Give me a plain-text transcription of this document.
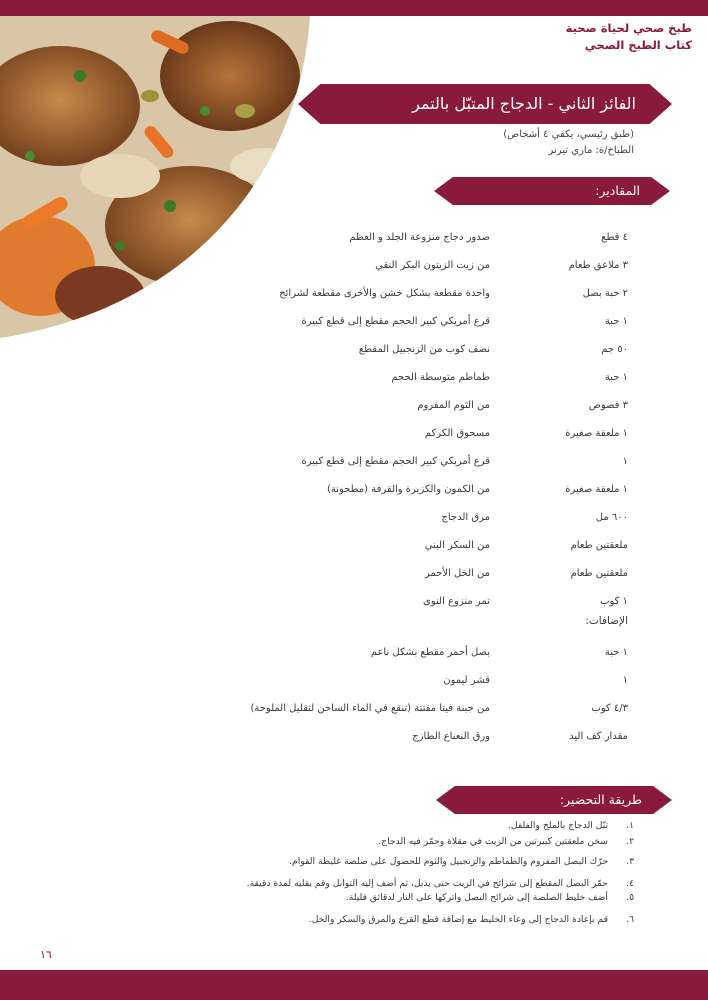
طبخ صحي لحياة صحية
كتاب الطبخ الصحي
الفائز الثاني - الدجاج المتبّل بالتمر
(طبق رئيسي، يكفي ٤ أشخاص)
الطباخ/ة: ماري تيرنر
المقادير:
٤ قطع
صدور دجاج منزوعة الجلد و العظم
٣ ملاعق طعام
من زيت الزيتون البكر النقي
٢ حبة بصل
واحدة مقطعة بشكل خشن والأخرى مقطعة لشرائح
١ حبة
قرع أمريكي كبير الحجم مقطع إلى قطع كبيرة
٥٠ جم
نصف كوب من الزنجبيل المقطع
١ حبة
طماطم متوسطة الحجم
٣ فصوص
من الثوم المفروم
١ ملعقة صغيرة
مسحوق الكركم
١
قرع أمريكي كبير الحجم مقطع إلى قطع كبيرة
١ ملعقة صغيرة
من الكمون والكزبرة والقرفة (مطحونة)
٦٠٠ مل
مرق الدجاج
ملعقتين طعام
من السكر البني
ملعقتين طعام
من الخل الأحمر
١ كوب
تمر منزوع النوى
الإضافات:
١ حبة
بصل أحمر مقطع بشكل ناعم
١
قشر ليمون
٤/٣ كوب
من جبنة فيتا مفتتة (تنقع في الماء الساخن لتقليل الملوحة)
مقدار كف اليد
ورق النعناع الطازج
طريقة التحضير:
١.
تبّل الدجاج بالملح والفلفل.
٢.
سخن ملعقتين كبيرتين من الزيت في مقلاة وحمّر فيه الدجاج.
٣.
حرّك البصل المفروم والطماطم والزنجبيل والثوم للحصول على صلصة غليظة القوام.
٤.
حمّر البصل المقطع إلى شرائح في الزيت حتى يذبل، ثم أضف إليه التوابل وقم بقليه لمدة دقيقة.
٥.
أضف خليط الصلصة إلى شرائح البصل واتركها على النار لدقائق قليلة.
٦.
قم بإعادة الدجاج إلى وعاء الخليط مع إضافة قطع القرع والمرق والسكر والخل.
١٦
